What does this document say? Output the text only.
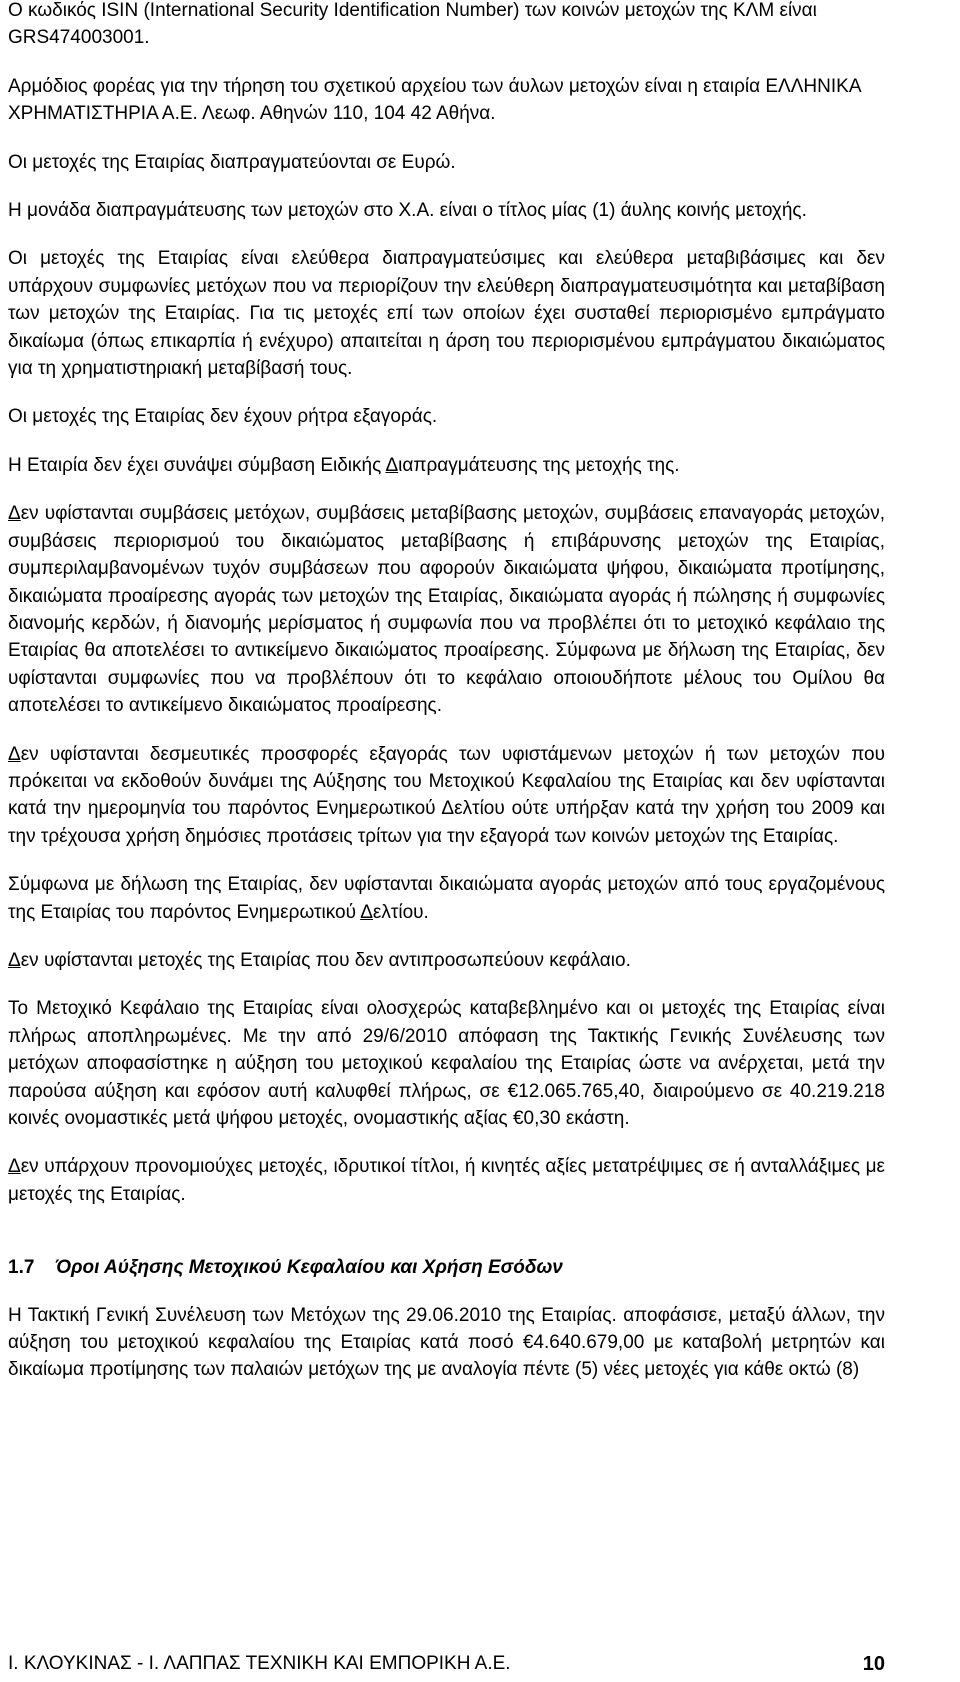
Ο κωδικός ISIN (International Security Identification Number) των κοινών μετοχών της ΚΛΜ είναι GRS474003001.

Αρμόδιος φορέας για την τήρηση του σχετικού αρχείου των άυλων μετοχών είναι η εταιρία ΕΛΛΗΝΙΚΑ ΧΡΗΜΑΤΙΣΤΗΡΙΑ Α.Ε. Λεωφ. Αθηνών 110, 104 42 Αθήνα.

Οι μετοχές της Εταιρίας διαπραγματεύονται σε Ευρώ.

Η μονάδα διαπραγμάτευσης των μετοχών στο Χ.Α. είναι ο τίτλος μίας (1) άυλης κοινής μετοχής.

Οι μετοχές της Εταιρίας είναι ελεύθερα διαπραγματεύσιμες και ελεύθερα μεταβιβάσιμες και δεν υπάρχουν συμφωνίες μετόχων που να περιορίζουν την ελεύθερη διαπραγματευσιμότητα και μεταβίβαση των μετοχών της Εταιρίας. Για τις μετοχές επί των οποίων έχει συσταθεί περιορισμένο εμπράγματο δικαίωμα (όπως επικαρπία ή ενέχυρο) απαιτείται η άρση του περιορισμένου εμπράγματου δικαιώματος για τη χρηματιστηριακή μεταβίβασή τους.

Οι μετοχές της Εταιρίας δεν έχουν ρήτρα εξαγοράς.

Η Εταιρία δεν έχει συνάψει σύμβαση Ειδικής Διαπραγμάτευσης της μετοχής της.

Δεν υφίστανται συμβάσεις μετόχων, συμβάσεις μεταβίβασης μετοχών, συμβάσεις επαναγοράς μετοχών, συμβάσεις περιορισμού του δικαιώματος μεταβίβασης ή επιβάρυνσης μετοχών της Εταιρίας, συμπεριλαμβανομένων τυχόν συμβάσεων που αφορούν δικαιώματα ψήφου, δικαιώματα προτίμησης, δικαιώματα προαίρεσης αγοράς των μετοχών της Εταιρίας, δικαιώματα αγοράς ή πώλησης ή συμφωνίες διανομής κερδών, ή διανομής μερίσματος ή συμφωνία που να προβλέπει ότι το μετοχικό κεφάλαιο της Εταιρίας θα αποτελέσει το αντικείμενο δικαιώματος προαίρεσης. Σύμφωνα με δήλωση της Εταιρίας, δεν υφίστανται συμφωνίες που να προβλέπουν ότι το κεφάλαιο οποιουδήποτε μέλους του Ομίλου θα αποτελέσει το αντικείμενο δικαιώματος προαίρεσης.

Δεν υφίστανται δεσμευτικές προσφορές εξαγοράς των υφιστάμενων μετοχών ή των μετοχών που πρόκειται να εκδοθούν δυνάμει της Αύξησης του Μετοχικού Κεφαλαίου της Εταιρίας και δεν υφίστανται κατά την ημερομηνία του παρόντος Ενημερωτικού Δελτίου ούτε υπήρξαν κατά την χρήση του 2009 και την τρέχουσα χρήση δημόσιες προτάσεις τρίτων για την εξαγορά των κοινών μετοχών της Εταιρίας.

Σύμφωνα με δήλωση της Εταιρίας, δεν υφίστανται δικαιώματα αγοράς μετοχών από τους εργαζομένους της Εταιρίας του παρόντος Ενημερωτικού Δελτίου.

Δεν υφίστανται μετοχές της Εταιρίας που δεν αντιπροσωπεύουν κεφάλαιο.

Το Μετοχικό Κεφάλαιο της Εταιρίας είναι ολοσχερώς καταβεβλημένο και οι μετοχές της Εταιρίας είναι πλήρως αποπληρωμένες. Με την από 29/6/2010 απόφαση της Τακτικής Γενικής Συνέλευσης των μετόχων αποφασίστηκε η αύξηση του μετοχικού κεφαλαίου της Εταιρίας ώστε να ανέρχεται, μετά την παρούσα αύξηση και εφόσον αυτή καλυφθεί πλήρως, σε €12.065.765,40, διαιρούμενο σε 40.219.218 κοινές ονομαστικές μετά ψήφου μετοχές, ονομαστικής αξίας €0,30 εκάστη.

Δεν υπάρχουν προνομιούχες μετοχές, ιδρυτικοί τίτλοι, ή κινητές αξίες μετατρέψιμες σε ή ανταλλάξιμες με μετοχές της Εταιρίας.

1.7	Όροι Αύξησης Μετοχικού Κεφαλαίου και Χρήση Εσόδων

Η Τακτική Γενική Συνέλευση των Μετόχων της 29.06.2010 της Εταιρίας. αποφάσισε, μεταξύ άλλων, την αύξηση του μετοχικού κεφαλαίου της Εταιρίας κατά ποσό €4.640.679,00 με καταβολή μετρητών και δικαίωμα προτίμησης των παλαιών μετόχων της με αναλογία πέντε (5) νέες μετοχές για κάθε οκτώ (8)

Ι. ΚΛΟΥΚΙΝΑΣ - Ι. ΛΑΠΠΑΣ ΤΕΧΝΙΚΗ ΚΑΙ ΕΜΠΟΡΙΚΗ Α.Ε.	10
